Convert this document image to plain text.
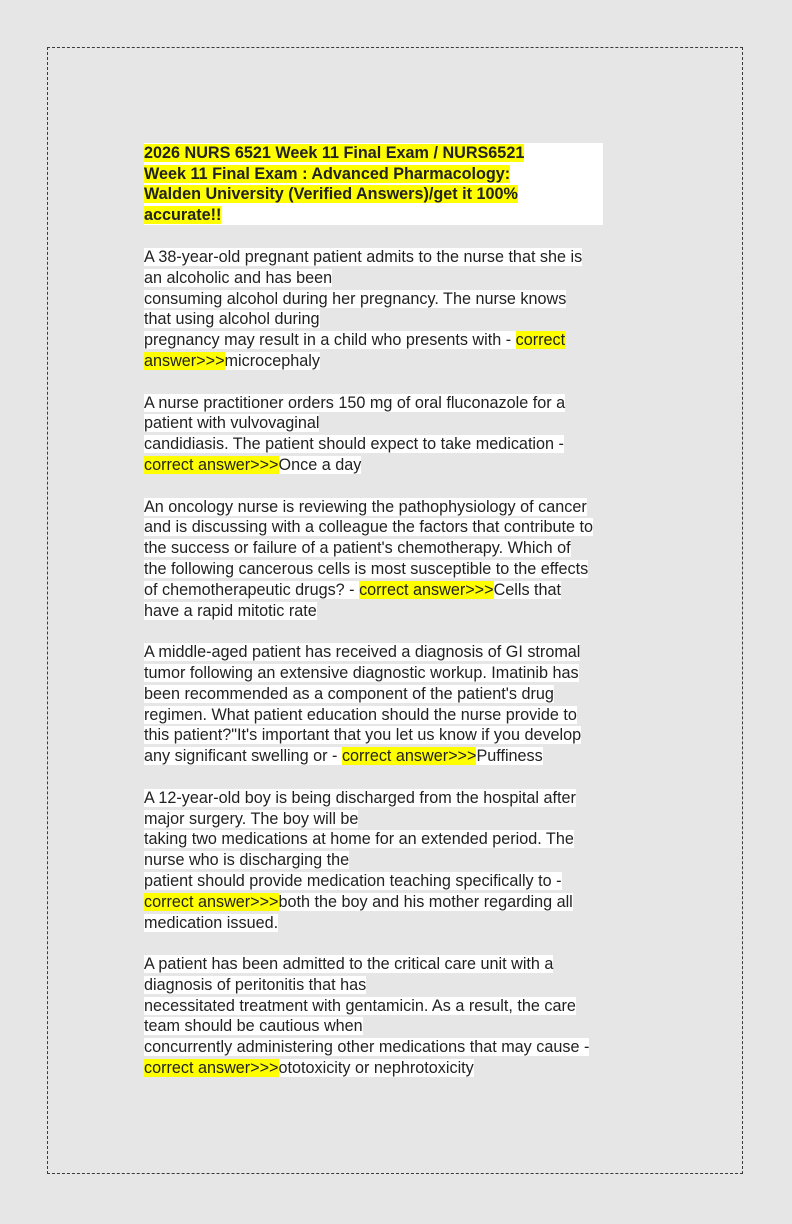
2026 NURS 6521 Week 11 Final Exam / NURS6521
Week 11 Final Exam : Advanced Pharmacology:
Walden University (Verified Answers)/get it 100%
accurate!!
A 38-year-old pregnant patient admits to the nurse that she is
an alcoholic and has been
consuming alcohol during her pregnancy. The nurse knows
that using alcohol during
pregnancy may result in a child who presents with - correct
answer>>>microcephaly
A nurse practitioner orders 150 mg of oral fluconazole for a
patient with vulvovaginal
candidiasis. The patient should expect to take medication -
correct answer>>>Once a day
An oncology nurse is reviewing the pathophysiology of cancer
and is discussing with a colleague the factors that contribute to
the success or failure of a patient's chemotherapy. Which of
the following cancerous cells is most susceptible to the effects
of chemotherapeutic drugs? - correct answer>>>Cells that
have a rapid mitotic rate
A middle-aged patient has received a diagnosis of GI stromal
tumor following an extensive diagnostic workup. Imatinib has
been recommended as a component of the patient's drug
regimen. What patient education should the nurse provide to
this patient?"It's important that you let us know if you develop
any significant swelling or - correct answer>>>Puffiness
A 12-year-old boy is being discharged from the hospital after
major surgery. The boy will be
taking two medications at home for an extended period. The
nurse who is discharging the
patient should provide medication teaching specifically to -
correct answer>>>both the boy and his mother regarding all
medication issued.
A patient has been admitted to the critical care unit with a
diagnosis of peritonitis that has
necessitated treatment with gentamicin. As a result, the care
team should be cautious when
concurrently administering other medications that may cause -
correct answer>>>ototoxicity or nephrotoxicity
